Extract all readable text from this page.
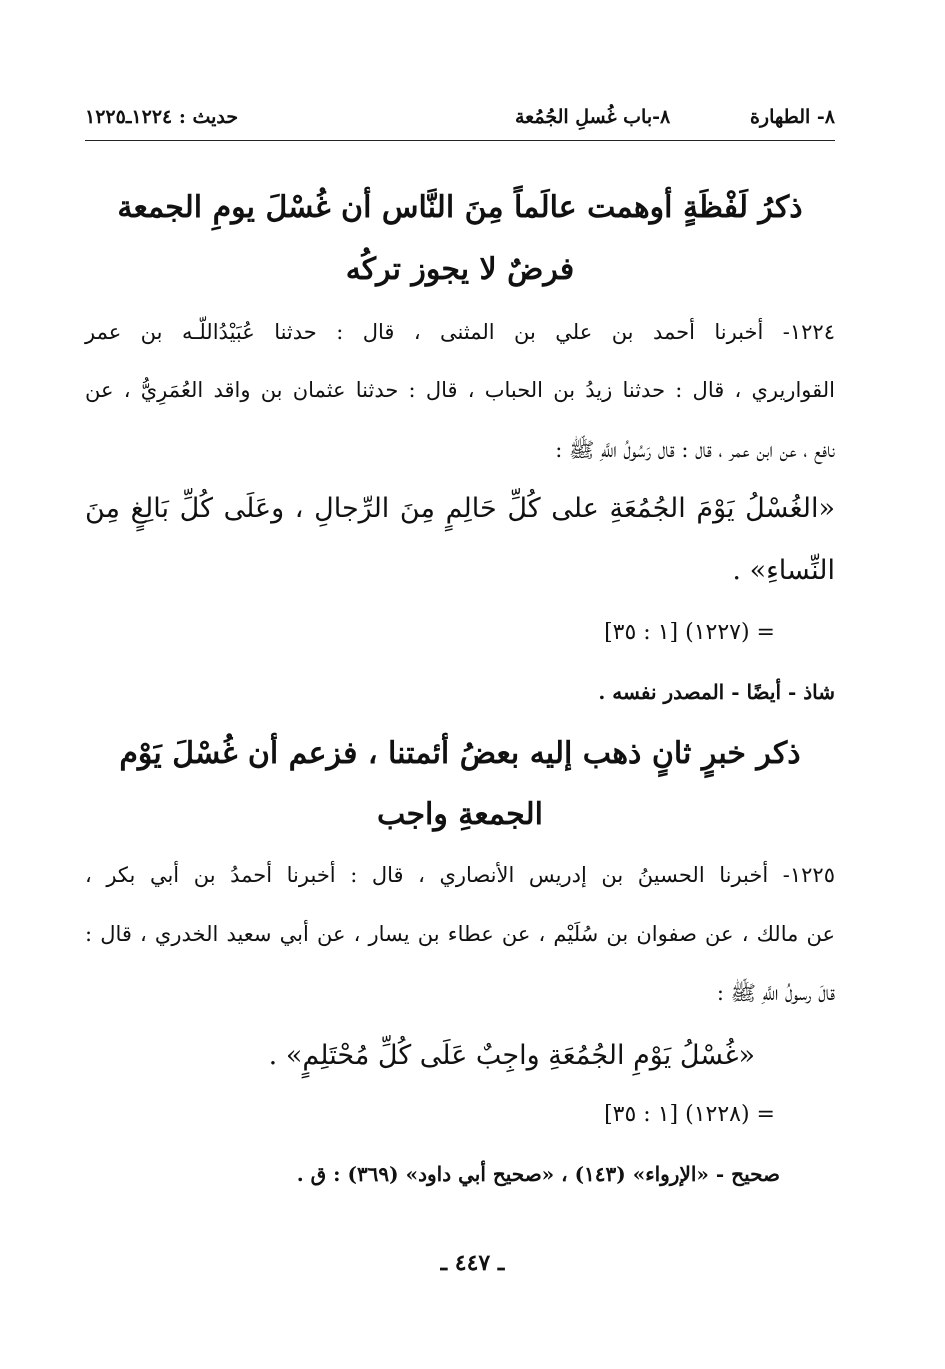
٨- الطهارة
٨-باب غُسلِ الجُمُعة
حديث : ١٢٢٤ـ١٢٢٥
ذكرُ لَفْظَةٍ أوهمت عالَماً مِنَ النَّاس أن غُسْلَ يومِ الجمعة
فرضٌ لا يجوز تركُه
١٢٢٤- أخبرنا أحمد بن علي بن المثنى ، قال : حدثنا عُبَيْدُاللّـه بن عمر
القواريري ، قال : حدثنا زيدُ بن الحباب ، قال : حدثنا عثمان بن واقد العُمَرِيُّ ، عن
نافع ، عن ابن عمر ، قال : قال رَسُولُ اللَّهِ ﷺ :
«الغُسْلُ يَوْمَ الجُمُعَةِ على كُلِّ حَالِمٍ مِنَ الرِّجالِ ، وعَلَى كُلِّ بَالِغٍ مِنَ
النِّساءِ» .
= (١٢٢٧) [١ : ٣٥]
شاذ - أيضًا - المصدر نفسه .
ذكر خبرٍ ثانٍ ذهب إليه بعضُ أئمتنا ، فزعم أن غُسْلَ يَوْم
الجمعةِ واجب
١٢٢٥- أخبرنا الحسينُ بن إدريس الأنصاري ، قال : أخبرنا أحمدُ بن أبي بكر ،
عن مالك ، عن صفوان بن سُلَيْم ، عن عطاء بن يسار ، عن أبي سعيد الخدري ، قال :
قالَ رسولُ اللَّهِ ﷺ :
«غُسْلُ يَوْمِ الجُمُعَةِ واجِبٌ عَلَى كُلِّ مُحْتَلِمٍ» .
= (١٢٢٨) [١ : ٣٥]
صحيح - «الإرواء» (١٤٣) ، «صحيح أبي داود» (٣٦٩) : ق .
ـ ٤٤٧ ـ
